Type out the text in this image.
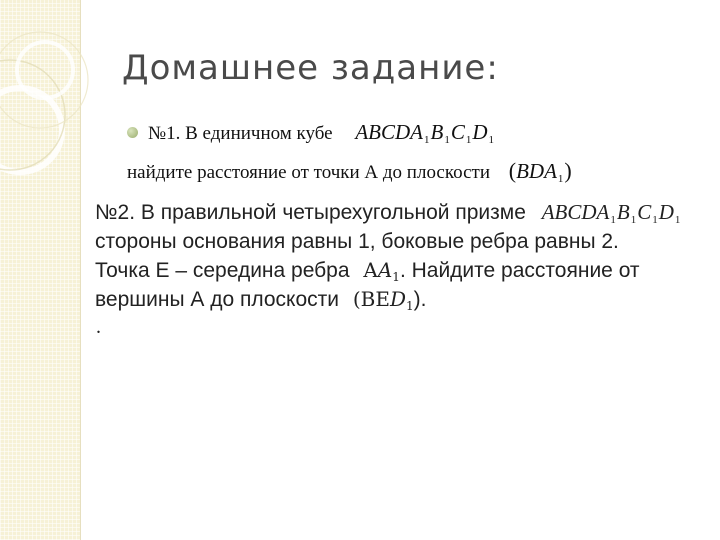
Домашнее задание:
№1. В единичном кубе $ABCDA_1B_1C_1D_1$
найдите расстояние от точки А до плоскости $(BDA_1)$
№2. В правильной четырехугольной призме $ABCDA_1B_1C_1D_1$
стороны основания равны 1, боковые ребра равны 2.
Точка Е – середина ребра $AA_1$. Найдите расстояние от
вершины А до плоскости $(BED_1)$.
.
